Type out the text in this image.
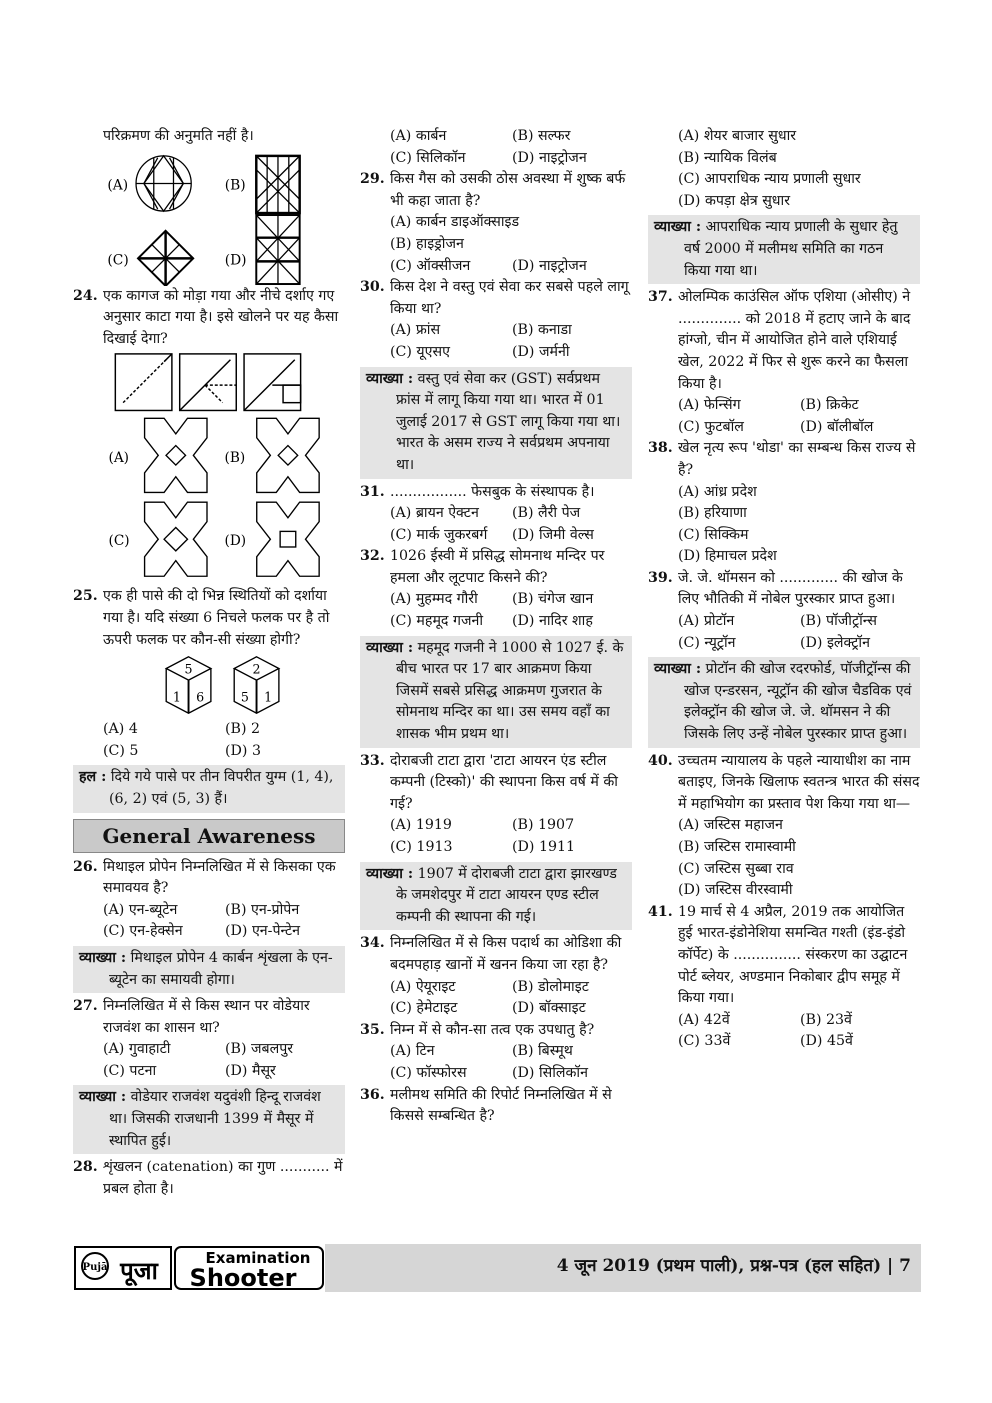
परिक्रमण की अनुमति नहीं है।
(A)	(B)
(C)	(D)
24. एक कागज को मोड़ा गया और नीचे दर्शाए गए अनुसार काटा गया है। इसे खोलने पर यह कैसा दिखाई देगा?
(A)	(B)
(C)	(D)
25. एक ही पासे की दो भिन्न स्थितियों को दर्शाया गया है। यदि संख्या 6 निचले फलक पर है तो ऊपरी फलक पर कौन-सी संख्या होगी?
5
1 6
2
5 1
(A) 4	(B) 2
(C) 5	(D) 3
हल : दिये गये पासे पर तीन विपरीत युग्म (1, 4), (6, 2) एवं (5, 3) हैं।
General Awareness
26. मिथाइल प्रोपेन निम्नलिखित में से किसका एक समावयव है?
(A) एन-ब्यूटेन	(B) एन-प्रोपेन
(C) एन-हेक्सेन	(D) एन-पेन्टेन
व्याख्या : मिथाइल प्रोपेन 4 कार्बन शृंखला के एन-ब्यूटेन का समायवी होगा।
27. निम्नलिखित में से किस स्थान पर वोडेयार राजवंश का शासन था?
(A) गुवाहाटी	(B) जबलपुर
(C) पटना	(D) मैसूर
व्याख्या : वोडेयार राजवंश यदुवंशी हिन्दू राजवंश था। जिसकी राजधानी 1399 में मैसूर में स्थापित हुई।
28. शृंखलन (catenation) का गुण ........... में प्रबल होता है।
(A) कार्बन	(B) सल्फर
(C) सिलिकॉन	(D) नाइट्रोजन
29. किस गैस को उसकी ठोस अवस्था में शुष्क बर्फ भी कहा जाता है?
(A) कार्बन डाइऑक्साइड
(B) हाइड्रोजन
(C) ऑक्सीजन	(D) नाइट्रोजन
30. किस देश ने वस्तु एवं सेवा कर सबसे पहले लागू किया था?
(A) फ्रांस	(B) कनाडा
(C) यूएसए	(D) जर्मनी
व्याख्या : वस्तु एवं सेवा कर (GST) सर्वप्रथम फ्रांस में लागू किया गया था। भारत में 01 जुलाई 2017 से GST लागू किया गया था। भारत के असम राज्य ने सर्वप्रथम अपनाया था।
31. ................. फेसबुक के संस्थापक है।
(A) ब्रायन ऐक्टन	(B) लैरी पेज
(C) मार्क जुकरबर्ग	(D) जिमी वेल्स
32. 1026 ईस्वी में प्रसिद्ध सोमनाथ मन्दिर पर हमला और लूटपाट किसने की?
(A) मुहम्मद गौरी	(B) चंगेज खान
(C) महमूद गजनी	(D) नादिर शाह
व्याख्या : महमूद गजनी ने 1000 से 1027 ई. के बीच भारत पर 17 बार आक्रमण किया जिसमें सबसे प्रसिद्ध आक्रमण गुजरात के सोमनाथ मन्दिर का था। उस समय वहाँ का शासक भीम प्रथम था।
33. दोराबजी टाटा द्वारा 'टाटा आयरन एंड स्टील कम्पनी (टिस्को)' की स्थापना किस वर्ष में की गई?
(A) 1919	(B) 1907
(C) 1913	(D) 1911
व्याख्या : 1907 में दोराबजी टाटा द्वारा झारखण्ड के जमशेदपुर में टाटा आयरन एण्ड स्टील कम्पनी की स्थापना की गई।
34. निम्नलिखित में से किस पदार्थ का ओडिशा की बदमपहाड़ खानों में खनन किया जा रहा है?
(A) ऐयूराइट	(B) डोलोमाइट
(C) हेमेटाइट	(D) बॉक्साइट
35. निम्न में से कौन-सा तत्व एक उपधातु है?
(A) टिन	(B) बिस्मूथ
(C) फॉस्फोरस	(D) सिलिकॉन
36. मलीमथ समिति की रिपोर्ट निम्नलिखित में से किससे सम्बन्धित है?
(A) शेयर बाजार सुधार
(B) न्यायिक विलंब
(C) आपराधिक न्याय प्रणाली सुधार
(D) कपड़ा क्षेत्र सुधार
व्याख्या : आपराधिक न्याय प्रणाली के सुधार हेतु वर्ष 2000 में मलीमथ समिति का गठन किया गया था।
37. ओलम्पिक काउंसिल ऑफ एशिया (ओसीए) ने .............. को 2018 में हटाए जाने के बाद हांग्जो, चीन में आयोजित होने वाले एशियाई खेल, 2022 में फिर से शुरू करने का फैसला किया है।
(A) फेन्सिंग	(B) क्रिकेट
(C) फुटबॉल	(D) बॉलीबॉल
38. खेल नृत्य रूप 'थोडा' का सम्बन्ध किस राज्य से है?
(A) आंध्र प्रदेश
(B) हरियाणा
(C) सिक्किम
(D) हिमाचल प्रदेश
39. जे. जे. थॉमसन को ............. की खोज के लिए भौतिकी में नोबेल पुरस्कार प्राप्त हुआ।
(A) प्रोटॉन	(B) पॉजीट्रॉन्स
(C) न्यूट्रॉन	(D) इलेक्ट्रॉन
व्याख्या : प्रोटॉन की खोज रदरफोर्ड, पॉजीट्रॉन्स की खोज एन्डरसन, न्यूट्रॉन की खोज चैडविक एवं इलेक्ट्रॉन की खोज जे. जे. थॉमसन ने की जिसके लिए उन्हें नोबेल पुरस्कार प्राप्त हुआ।
40. उच्चतम न्यायालय के पहले न्यायाधीश का नाम बताइए, जिनके खिलाफ स्वतन्त्र भारत की संसद में महाभियोग का प्रस्ताव पेश किया गया था—
(A) जस्टिस महाजन
(B) जस्टिस रामास्वामी
(C) जस्टिस सुब्बा राव
(D) जस्टिस वीरस्वामी
41. 19 मार्च से 4 अप्रैल, 2019 तक आयोजित हुई भारत-इंडोनेशिया समन्वित गश्ती (इंड-इंडो कॉर्पेट) के ............... संस्करण का उद्घाटन पोर्ट ब्लेयर, अण्डमान निकोबार द्वीप समूह में किया गया।
(A) 42वें	(B) 23वें
(C) 33वें	(D) 45वें
Pujā पूजा	Examination
Shooter	4 जून 2019 (प्रथम पाली), प्रश्न-पत्र (हल सहित) | 7
